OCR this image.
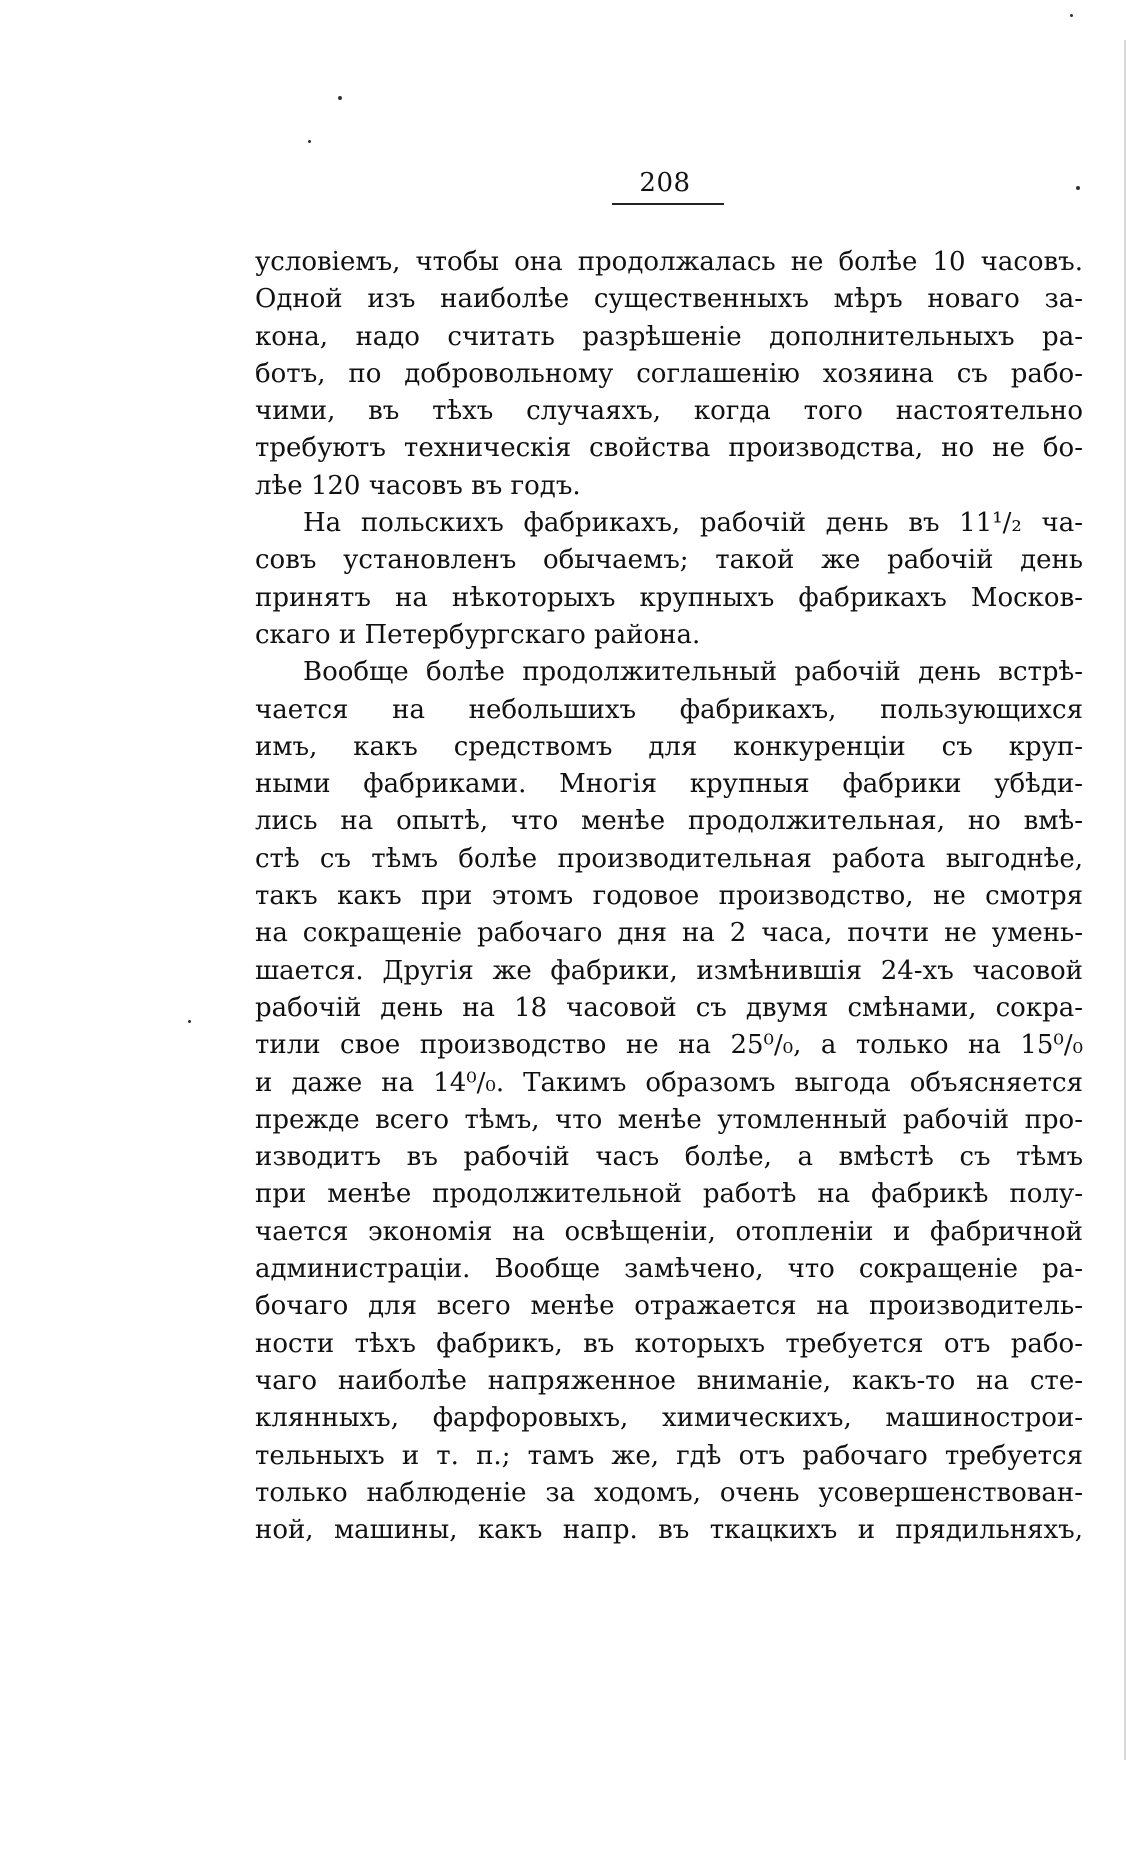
208
условіемъ, чтобы она продолжалась не болѣе 10 часовъ.
Одной изъ наиболѣе существенныхъ мѣръ новаго за-
кона, надо считать разрѣшеніе дополнительныхъ ра-
ботъ, по добровольному соглашенію хозяина съ рабо-
чими, въ тѣхъ случаяхъ, когда того настоятельно
требуютъ техническія свойства производства, но не бо-
лѣе 120 часовъ въ годъ.
На польскихъ фабрикахъ, рабочій день въ 11¹/₂ ча-
совъ установленъ обычаемъ; такой же рабочій день
принятъ на нѣкоторыхъ крупныхъ фабрикахъ Москов-
скаго и Петербургскаго района.
Вообще болѣе продолжительный рабочій день встрѣ-
чается на небольшихъ фабрикахъ, пользующихся
имъ, какъ средствомъ для конкуренціи съ круп-
ными фабриками. Многія крупныя фабрики убѣди-
лись на опытѣ, что менѣе продолжительная, но вмѣ-
стѣ съ тѣмъ болѣе производительная работа выгоднѣе,
такъ какъ при этомъ годовое производство, не смотря
на сокращеніе рабочаго дня на 2 часа, почти не умень-
шается. Другія же фабрики, измѣнившія 24-хъ часовой
рабочій день на 18 часовой съ двумя смѣнами, сокра-
тили свое производство не на 25⁰/₀, а только на 15⁰/₀
и даже на 14⁰/₀. Такимъ образомъ выгода объясняется
прежде всего тѣмъ, что менѣе утомленный рабочій про-
изводитъ въ рабочій часъ болѣе, а вмѣстѣ съ тѣмъ
при менѣе продолжительной работѣ на фабрикѣ полу-
чается экономія на освѣщеніи, отопленіи и фабричной
администраціи. Вообще замѣчено, что сокращеніе ра-
бочаго для всего менѣе отражается на производитель-
ности тѣхъ фабрикъ, въ которыхъ требуется отъ рабо-
чаго наиболѣе напряженное вниманіе, какъ-то на сте-
клянныхъ, фарфоровыхъ, химическихъ, машинострои-
тельныхъ и т. п.; тамъ же, гдѣ отъ рабочаго требуется
только наблюденіе за ходомъ, очень усовершенствован-
ной, машины, какъ напр. въ ткацкихъ и прядильняхъ,
